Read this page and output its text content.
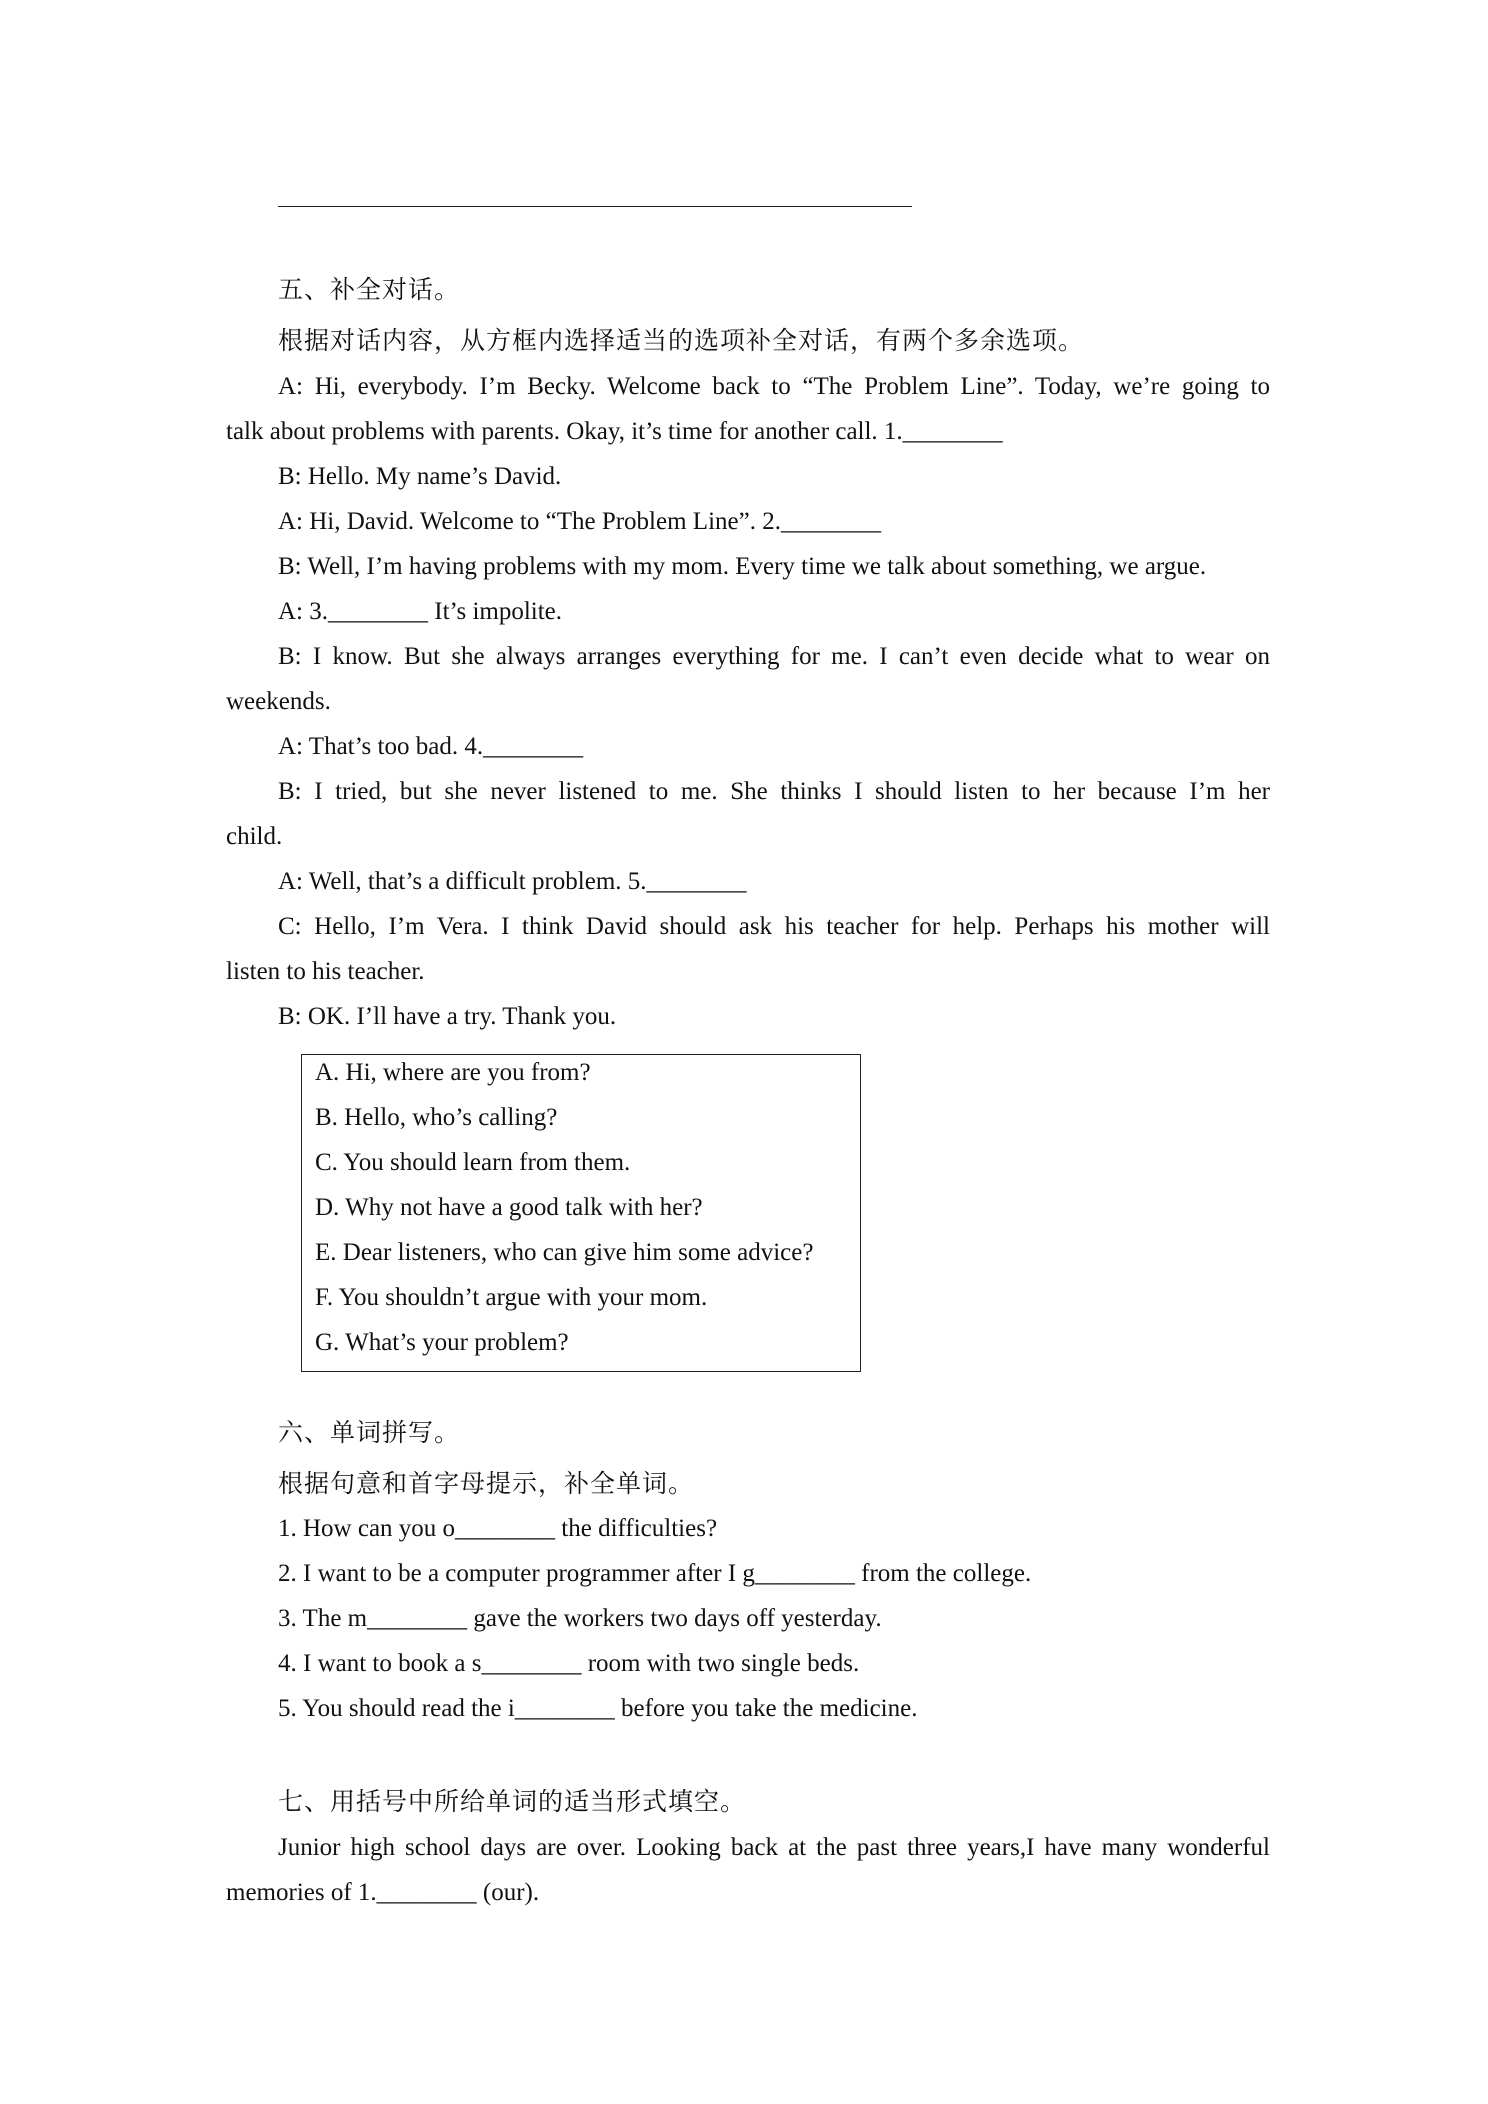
五、补全对话。
根据对话内容，从方框内选择适当的选项补全对话，有两个多余选项。
A: Hi, everybody. I’m Becky. Welcome back to “The Problem Line”. Today, we’re going to
talk about problems with parents. Okay, it’s time for another call. 1.________
B: Hello. My name’s David.
A: Hi, David. Welcome to “The Problem Line”. 2.________
B: Well, I’m having problems with my mom. Every time we talk about something, we argue.
A: 3.________ It’s impolite.
B: I know. But she always arranges everything for me. I can’t even decide what to wear on
weekends.
A: That’s too bad. 4.________
B: I tried, but she never listened to me. She thinks I should listen to her because I’m her
child.
A: Well, that’s a difficult problem. 5.________
C: Hello, I’m Vera. I think David should ask his teacher for help. Perhaps his mother will
listen to his teacher.
B: OK. I’ll have a try. Thank you.
A. Hi, where are you from?
B. Hello, who’s calling?
C. You should learn from them.
D. Why not have a good talk with her?
E. Dear listeners, who can give him some advice?
F. You shouldn’t argue with your mom.
G. What’s your problem?
六、单词拼写。
根据句意和首字母提示，补全单词。
1. How can you o________ the difficulties?
2. I want to be a computer programmer after I g________ from the college.
3. The m________ gave the workers two days off yesterday.
4. I want to book a s________ room with two single beds.
5. You should read the i________ before you take the medicine.
七、用括号中所给单词的适当形式填空。
Junior high school days are over. Looking back at the past three years,I have many wonderful
memories of 1.________ (our).
